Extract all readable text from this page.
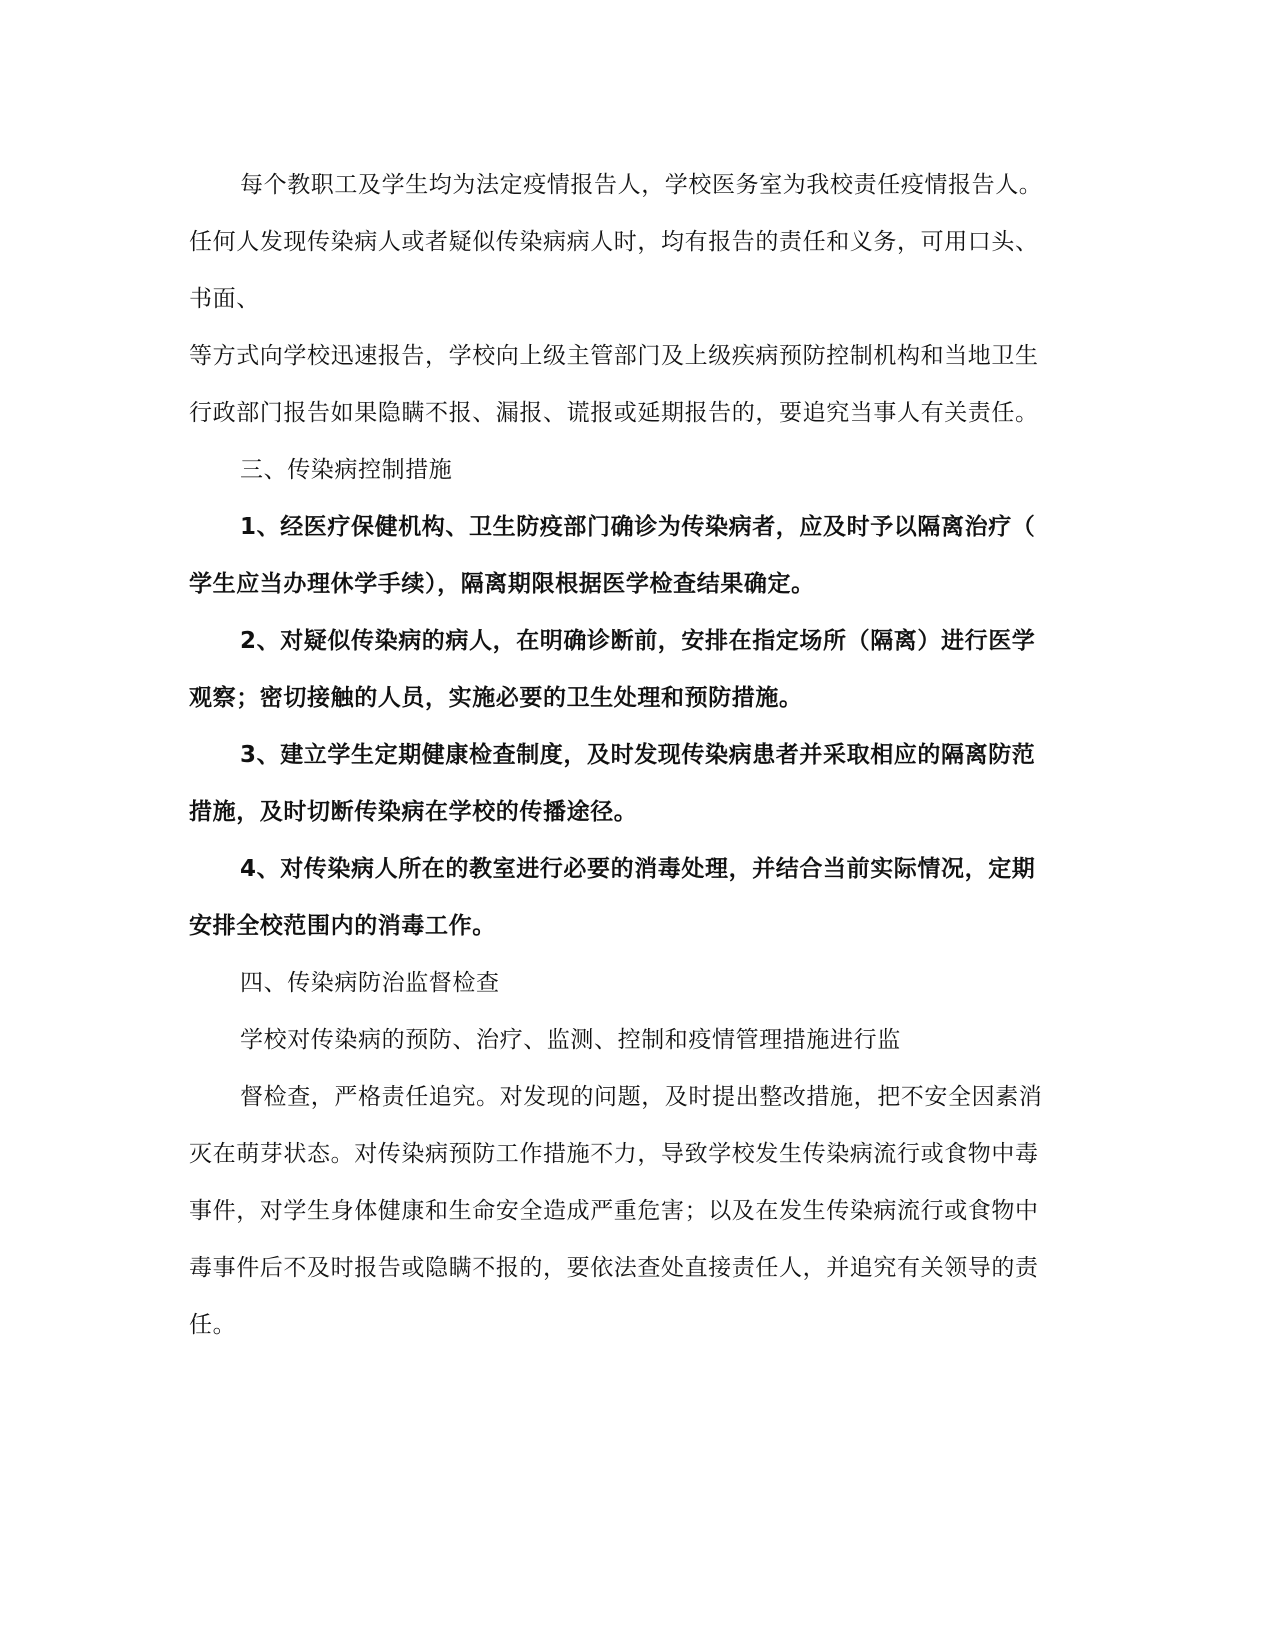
每个教职工及学生均为法定疫情报告人，学校医务室为我校责任疫情报告人。
任何人发现传染病人或者疑似传染病病人时，均有报告的责任和义务，可用口头、
书面、
等方式向学校迅速报告，学校向上级主管部门及上级疾病预防控制机构和当地卫生
行政部门报告如果隐瞒不报、漏报、谎报或延期报告的，要追究当事人有关责任。
三、传染病控制措施
1、经医疗保健机构、卫生防疫部门确诊为传染病者，应及时予以隔离治疗（
学生应当办理休学手续），隔离期限根据医学检查结果确定。
2、对疑似传染病的病人，在明确诊断前，安排在指定场所（隔离）进行医学
观察；密切接触的人员，实施必要的卫生处理和预防措施。
3、建立学生定期健康检查制度，及时发现传染病患者并采取相应的隔离防范
措施，及时切断传染病在学校的传播途径。
4、对传染病人所在的教室进行必要的消毒处理，并结合当前实际情况，定期
安排全校范围内的消毒工作。
四、传染病防治监督检查
学校对传染病的预防、治疗、监测、控制和疫情管理措施进行监
督检查，严格责任追究。对发现的问题，及时提出整改措施，把不安全因素消
灭在萌芽状态。对传染病预防工作措施不力，导致学校发生传染病流行或食物中毒
事件，对学生身体健康和生命安全造成严重危害；以及在发生传染病流行或食物中
毒事件后不及时报告或隐瞒不报的，要依法查处直接责任人，并追究有关领导的责
任。
